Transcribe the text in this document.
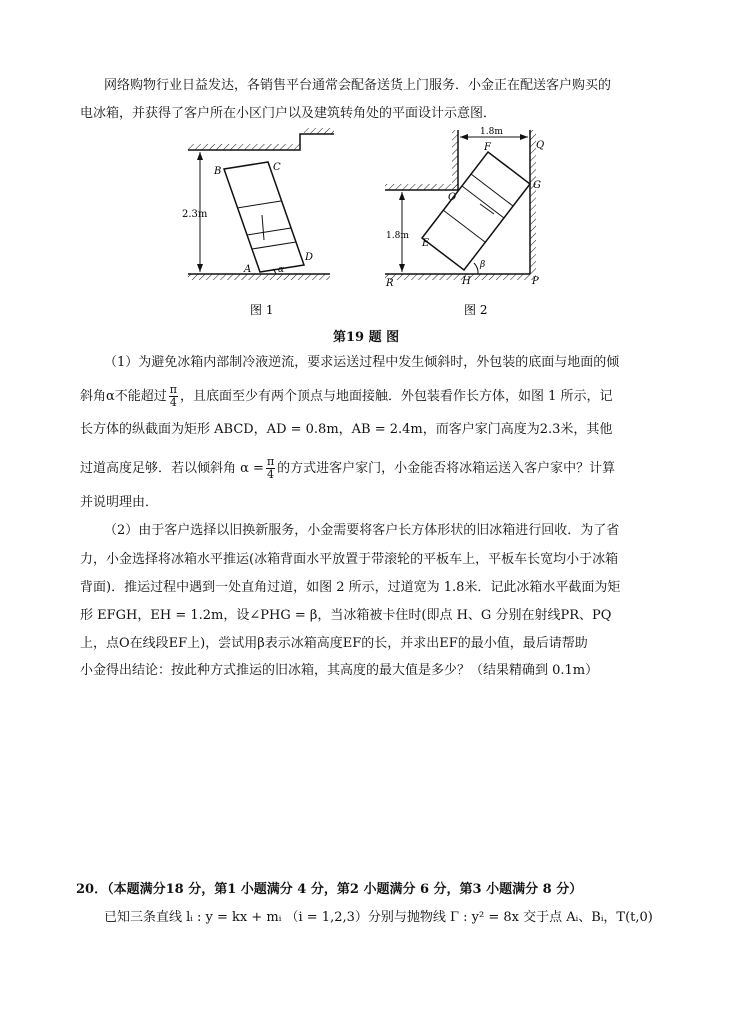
网络购物行业日益发达，各销售平台通常会配备送货上门服务．小金正在配送客户购买的
电冰箱，并获得了客户所在小区门户以及建筑转角处的平面设计示意图．
2.3m
B	C
D
A	α
图 1
1.8m
1.8m
F	Q
G
O
E
H
β
R	P
图 2
第19 题 图
（1）为避免冰箱内部制冷液逆流，要求运送过程中发生倾斜时，外包装的底面与地面的倾
斜角α不能超过 $\frac{\pi}{4}$ ，且底面至少有两个顶点与地面接触．外包装看作长方体，如图 1 所示，记
长方体的纵截面为矩形 ABCD，AD = 0.8m，AB = 2.4m，而客户家门高度为2.3米，其他
过道高度足够．若以倾斜角 $\alpha = \frac{\pi}{4}$ 的方式进客户家门，小金能否将冰箱运送入客户家中？计算
并说明理由．
（2）由于客户选择以旧换新服务，小金需要将客户长方体形状的旧冰箱进行回收．为了省
力，小金选择将冰箱水平推运(冰箱背面水平放置于带滚轮的平板车上，平板车长宽均小于冰箱
背面)．推运过程中遇到一处直角过道，如图 2 所示，过道宽为 1.8米．记此冰箱水平截面为矩
形 EFGH，EH = 1.2m，设∠PHG = β，当冰箱被卡住时(即点 H、G 分别在射线PR、PQ
上，点O在线段EF上)，尝试用β表示冰箱高度EF的长，并求出EF的最小值，最后请帮助
小金得出结论：按此种方式推运的旧冰箱，其高度的最大值是多少？（结果精确到 0.1m）
20．（本题满分18 分，第1 小题满分 4 分，第2 小题满分 6 分，第3 小题满分 8 分）
已知三条直线 lᵢ : y = kx + mᵢ （i = 1,2,3）分别与抛物线 Γ : y² = 8x 交于点 Aᵢ、Bᵢ，T(t,0)
